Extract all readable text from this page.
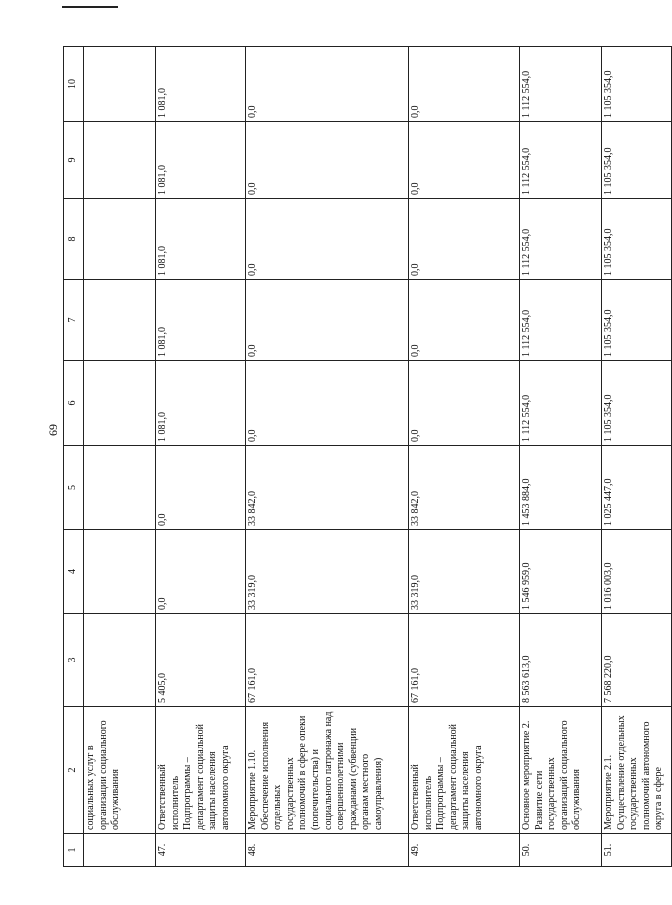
69
1	2	3	4	5	6	7	8	9	10
	социальных услуг в организации социального обслуживания								
47.	Ответственный исполнитель Подпрограммы – департамент социальной защиты населения автономного округа	5 405,0	0,0	0,0	1 081,0	1 081,0	1 081,0	1 081,0	1 081,0
48.	Мероприятие 1.10. Обеспечение исполнения отдельных государственных полномочий в сфере опеки (попечительства) и социального патронажа над совершеннолетними гражданами (субвенции органам местного самоуправления)	67 161,0	33 319,0	33 842,0	0,0	0,0	0,0	0,0	0,0
49.	Ответственный исполнитель Подпрограммы – департамент социальной защиты населения автономного округа	67 161,0	33 319,0	33 842,0	0,0	0,0	0,0	0,0	0,0
50.	Основное мероприятие 2. Развитие сети государственных организаций социального обслуживания	8 563 613,0	1 546 959,0	1 453 884,0	1 112 554,0	1 112 554,0	1 112 554,0	1 112 554,0	1 112 554,0
51.	Мероприятие 2.1. Осуществление отдельных государственных полномочий автономного округа в сфере	7 568 220,0	1 016 003,0	1 025 447,0	1 105 354,0	1 105 354,0	1 105 354,0	1 105 354,0	1 105 354,0
